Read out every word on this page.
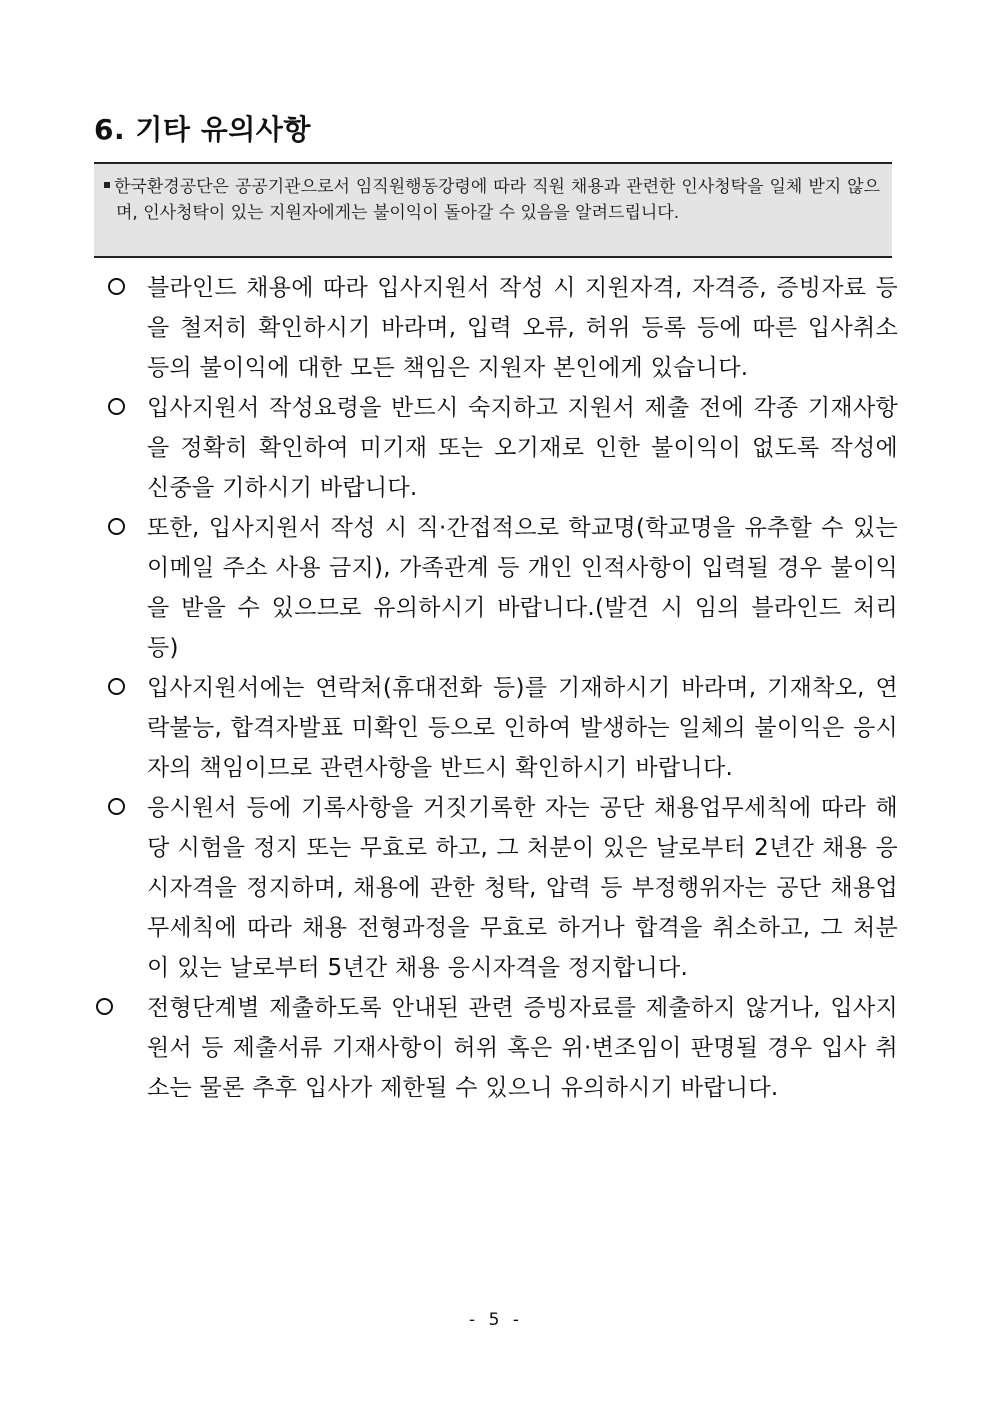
6. 기타 유의사항
한국환경공단은 공공기관으로서 임직원행동강령에 따라 직원 채용과 관련한 인사청탁을 일체 받지 않으며, 인사청탁이 있는 지원자에게는 불이익이 돌아갈 수 있음을 알려드립니다.
블라인드 채용에 따라 입사지원서 작성 시 지원자격, 자격증, 증빙자료 등을 철저히 확인하시기 바라며, 입력 오류, 허위 등록 등에 따른 입사취소 등의 불이익에 대한 모든 책임은 지원자 본인에게 있습니다.
입사지원서 작성요령을 반드시 숙지하고 지원서 제출 전에 각종 기재사항을 정확히 확인하여 미기재 또는 오기재로 인한 불이익이 없도록 작성에 신중을 기하시기 바랍니다.
또한, 입사지원서 작성 시 직·간접적으로 학교명(학교명을 유추할 수 있는 이메일 주소 사용 금지), 가족관계 등 개인 인적사항이 입력될 경우 불이익을 받을 수 있으므로 유의하시기 바랍니다.(발견 시 임의 블라인드 처리 등)
입사지원서에는 연락처(휴대전화 등)를 기재하시기 바라며, 기재착오, 연락불능, 합격자발표 미확인 등으로 인하여 발생하는 일체의 불이익은 응시자의 책임이므로 관련사항을 반드시 확인하시기 바랍니다.
응시원서 등에 기록사항을 거짓기록한 자는 공단 채용업무세칙에 따라 해당 시험을 정지 또는 무효로 하고, 그 처분이 있은 날로부터 2년간 채용 응시자격을 정지하며, 채용에 관한 청탁, 압력 등 부정행위자는 공단 채용업무세칙에 따라 채용 전형과정을 무효로 하거나 합격을 취소하고, 그 처분이 있는 날로부터 5년간 채용 응시자격을 정지합니다.
전형단계별 제출하도록 안내된 관련 증빙자료를 제출하지 않거나, 입사지원서 등 제출서류 기재사항이 허위 혹은 위·변조임이 판명될 경우 입사 취소는 물론 추후 입사가 제한될 수 있으니 유의하시기 바랍니다.
- 5 -
